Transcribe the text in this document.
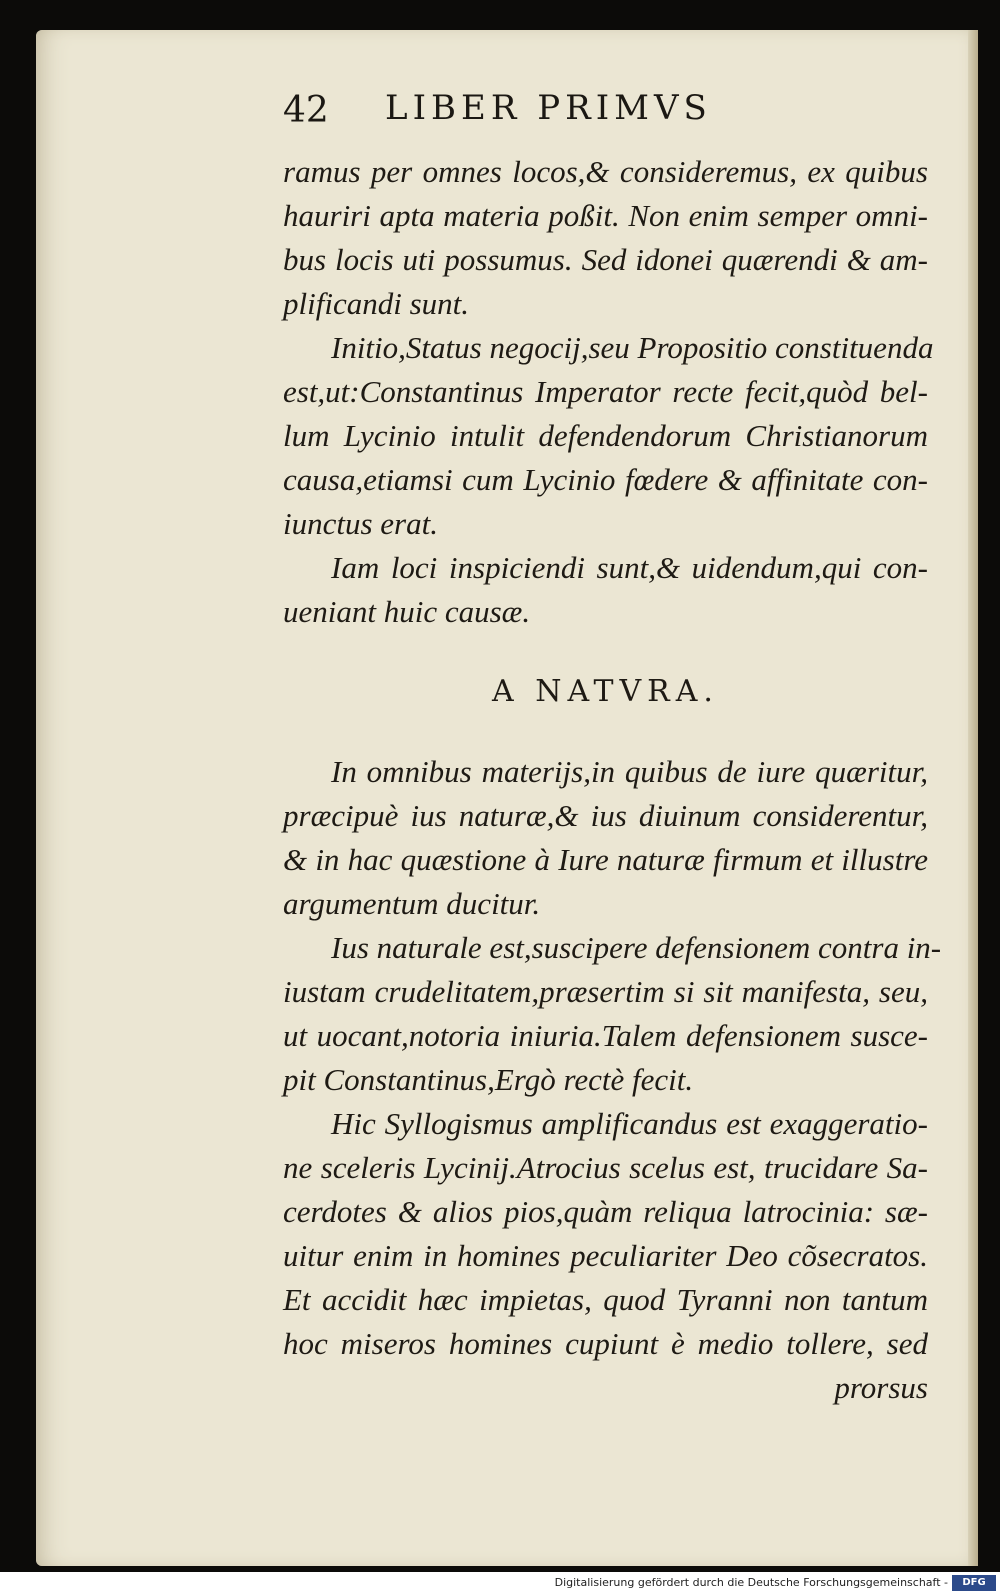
42 LIBER PRIMVS
ramus per omnes locos,& consideremus, ex quibus
hauriri apta materia poßit. Non enim semper omni-
bus locis uti possumus. Sed idonei quærendi & am-
plificandi sunt.
Initio,Status negocij,seu Propositio constituenda
est,ut:Constantinus Imperator recte fecit,quòd bel-
lum Lycinio intulit defendendorum Christianorum
causa,etiamsi cum Lycinio fœdere & affinitate con-
iunctus erat.
Iam loci inspiciendi sunt,& uidendum,qui con-
ueniant huic causæ.
A NATVRA.
In omnibus materijs,in quibus de iure quæritur,
præcipuè ius naturæ,& ius diuinum considerentur,
& in hac quæstione à Iure naturæ firmum et illustre
argumentum ducitur.
Ius naturale est,suscipere defensionem contra in-
iustam crudelitatem,præsertim si sit manifesta, seu,
ut uocant,notoria iniuria.Talem defensionem susce-
pit Constantinus,Ergò rectè fecit.
Hic Syllogismus amplificandus est exaggeratio-
ne sceleris Lycinij.Atrocius scelus est, trucidare Sa-
cerdotes & alios pios,quàm reliqua latrocinia: sæ-
uitur enim in homines peculiariter Deo cõsecratos.
Et accidit hæc impietas, quod Tyranni non tantum
hoc miseros homines cupiunt è medio tollere, sed
prorsus
Digitalisierung gefördert durch die Deutsche Forschungsgemeinschaft -	DFG
